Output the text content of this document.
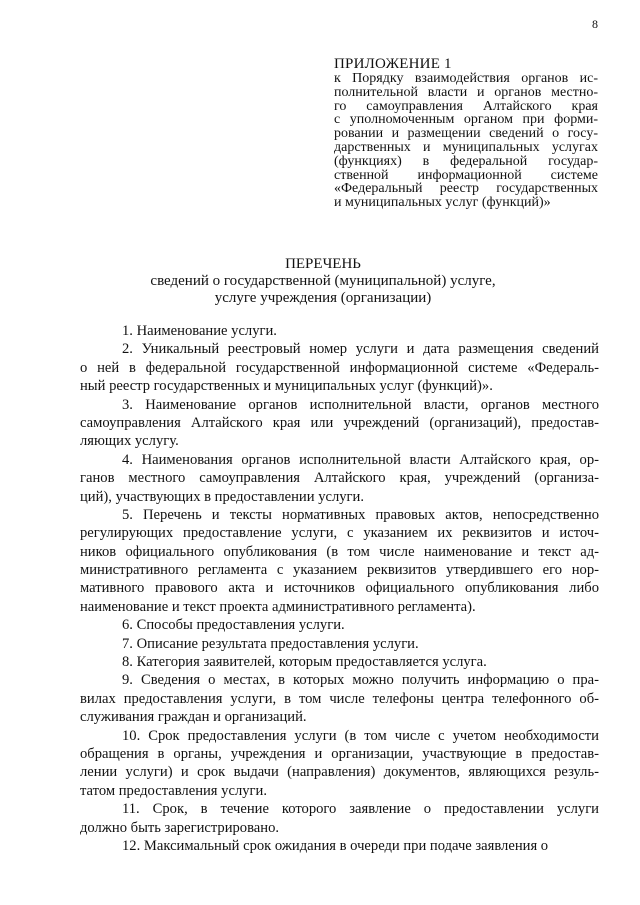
8
ПРИЛОЖЕНИЕ 1
к Порядку взаимодействия органов ис-
полнительной власти и органов местно-
го самоуправления Алтайского края
с уполномоченным органом при форми-
ровании и размещении сведений о госу-
дарственных и муниципальных услугах
(функциях) в федеральной государ-
ственной информационной системе
«Федеральный реестр государственных
и муниципальных услуг (функций)»
ПЕРЕЧЕНЬ
сведений о государственной (муниципальной) услуге,
услуге учреждения (организации)
1. Наименование услуги.
2. Уникальный реестровый номер услуги и дата размещения сведений
о ней в федеральной государственной информационной системе «Федераль-
ный реестр государственных и муниципальных услуг (функций)».
3. Наименование органов исполнительной власти, органов местного
самоуправления Алтайского края или учреждений (организаций), предостав-
ляющих услугу.
4. Наименования органов исполнительной власти Алтайского края, ор-
ганов местного самоуправления Алтайского края, учреждений (организа-
ций), участвующих в предоставлении услуги.
5. Перечень и тексты нормативных правовых актов, непосредственно
регулирующих предоставление услуги, с указанием их реквизитов и источ-
ников официального опубликования (в том числе наименование и текст ад-
министративного регламента с указанием реквизитов утвердившего его нор-
мативного правового акта и источников официального опубликования либо
наименование и текст проекта административного регламента).
6. Способы предоставления услуги.
7. Описание результата предоставления услуги.
8. Категория заявителей, которым предоставляется услуга.
9. Сведения о местах, в которых можно получить информацию о пра-
вилах предоставления услуги, в том числе телефоны центра телефонного об-
служивания граждан и организаций.
10. Срок предоставления услуги (в том числе с учетом необходимости
обращения в органы, учреждения и организации, участвующие в предостав-
лении услуги) и срок выдачи (направления) документов, являющихся резуль-
татом предоставления услуги.
11. Срок, в течение которого заявление о предоставлении услуги
должно быть зарегистрировано.
12. Максимальный срок ожидания в очереди при подаче заявления о
